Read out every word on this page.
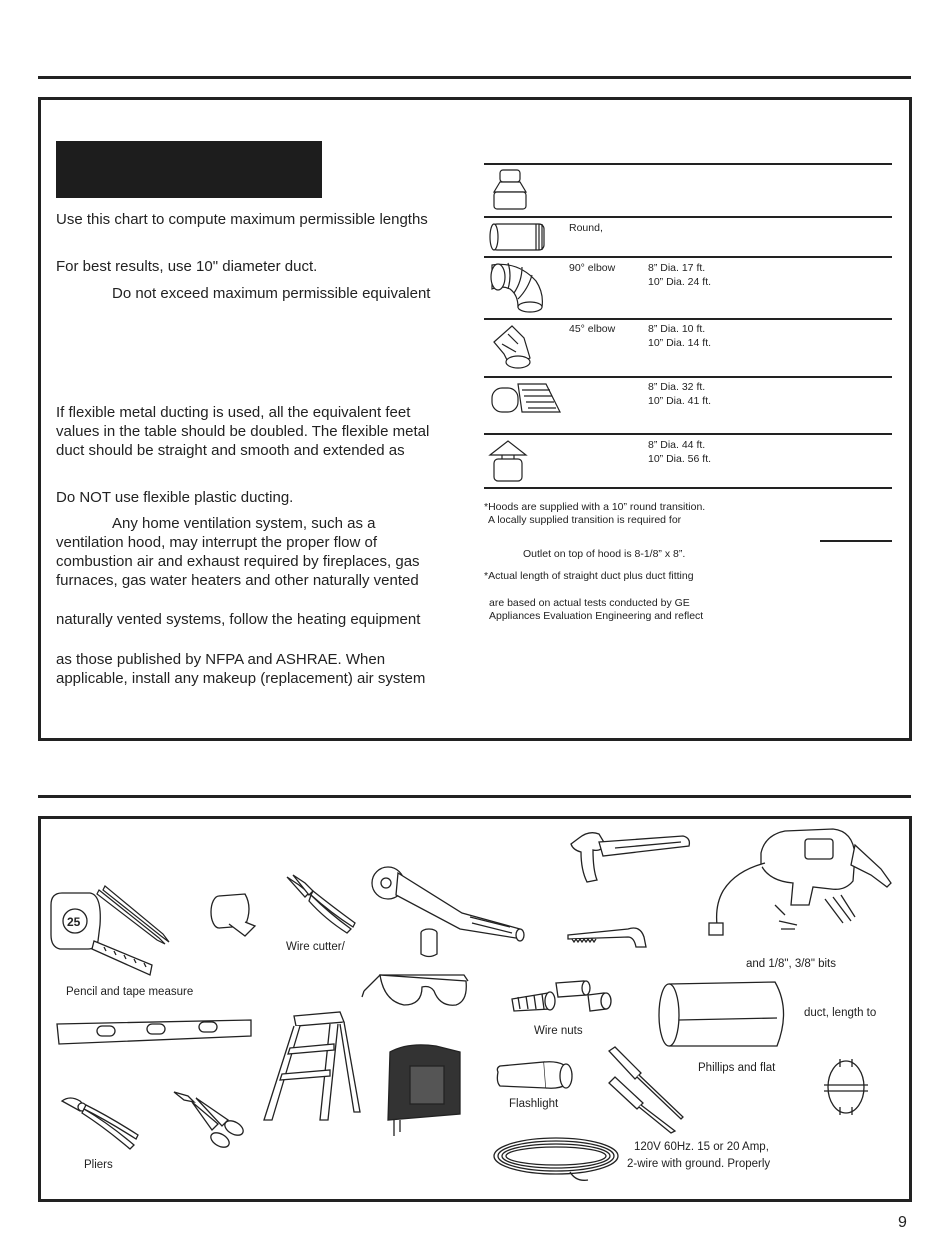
Use this chart to compute maximum permissible lengths
For best results, use 10" diameter duct.
Do not exceed maximum permissible equivalent
If flexible metal ducting is used, all the equivalent feet
values in the table should be doubled. The flexible metal
duct should be straight and smooth and extended as
Do NOT use flexible plastic ducting.
Any home ventilation system, such as a
ventilation hood, may interrupt the proper flow of
combustion air and exhaust required by fireplaces, gas
furnaces, gas water heaters and other naturally vented
naturally vented systems, follow the heating equipment
as those published by NFPA and ASHRAE. When
applicable, install any makeup (replacement) air system
Round,
90° elbow	8” Dia. 17 ft.
10” Dia. 24 ft.
45° elbow	8” Dia. 10 ft.
10” Dia. 14 ft.
8” Dia. 32 ft.
10” Dia. 41 ft.
8” Dia. 44 ft.
10” Dia. 56 ft.
*Hoods are supplied with a 10” round transition.
A locally supplied transition is required for
Outlet on top of hood is 8-1/8” x 8”.
*Actual length of straight duct plus duct fitting
are based on actual tests conducted by GE
Appliances Evaluation Engineering and reflect
25
Pencil and tape measure
Wire cutter/
and 1/8", 3/8" bits
Wire nuts
duct, length to
Flashlight
Phillips and flat
Pliers
120V 60Hz. 15 or 20 Amp,
2-wire with ground. Properly
9
